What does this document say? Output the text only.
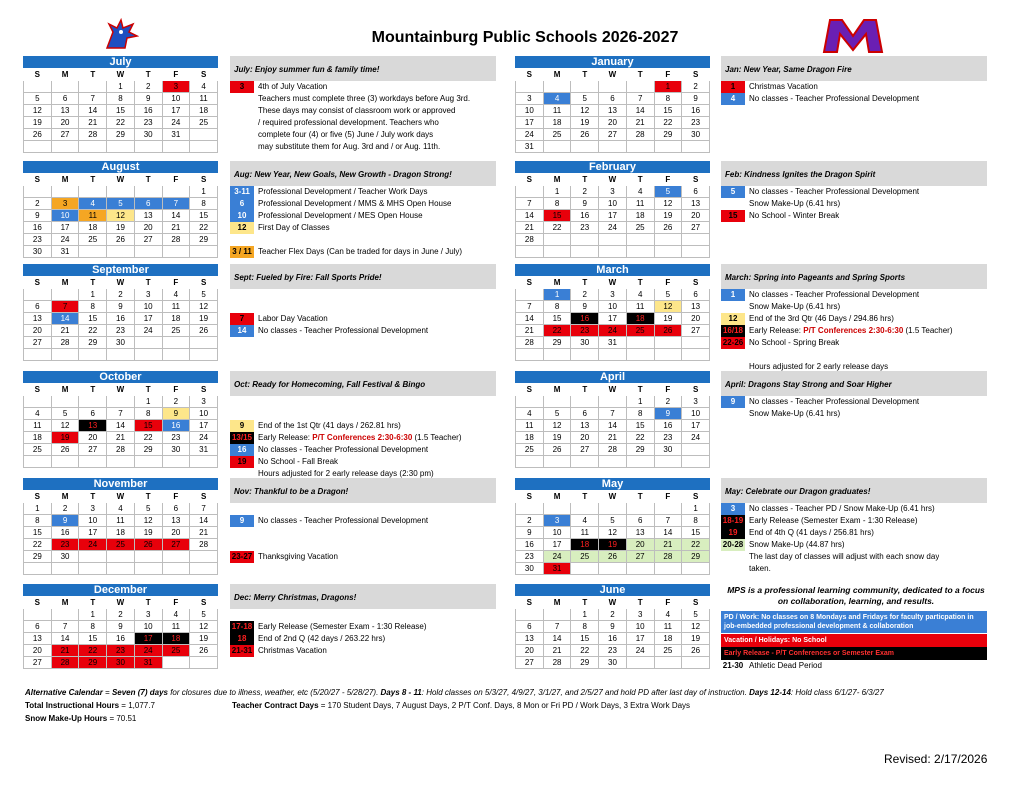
Mountainburg Public Schools 2026-2027
July
S	M	T	W	T	F	S
			1	2	3	4
5	6	7	8	9	10	11
12	13	14	15	16	17	18
19	20	21	22	23	24	25
26	27	28	29	30	31	

August
S	M	T	W	T	F	S
						1
2	3	4	5	6	7	8
9	10	11	12	13	14	15
16	17	18	19	20	21	22
23	24	25	26	27	28	29
30	31					
September
S	M	T	W	T	F	S
		1	2	3	4	5
6	7	8	9	10	11	12
13	14	15	16	17	18	19
20	21	22	23	24	25	26
27	28	29	30			

October
S	M	T	W	T	F	S
				1	2	3
4	5	6	7	8	9	10
11	12	13	14	15	16	17
18	19	20	21	22	23	24
25	26	27	28	29	30	31

November
S	M	T	W	T	F	S
1	2	3	4	5	6	7
8	9	10	11	12	13	14
15	16	17	18	19	20	21
22	23	24	25	26	27	28
29	30					

December
S	M	T	W	T	F	S
		1	2	3	4	5
6	7	8	9	10	11	12
13	14	15	16	17	18	19
20	21	22	23	24	25	26
27	28	29	30	31		
January
S	M	T	W	T	F	S
					1	2
3	4	5	6	7	8	9
10	11	12	13	14	15	16
17	18	19	20	21	22	23
24	25	26	27	28	29	30
31						
February
S	M	T	W	T	F	S
	1	2	3	4	5	6
7	8	9	10	11	12	13
14	15	16	17	18	19	20
21	22	23	24	25	26	27
28						

March
S	M	T	W	T	F	S
	1	2	3	4	5	6
7	8	9	10	11	12	13
14	15	16	17	18	19	20
21	22	23	24	25	26	27
28	29	30	31			

April
S	M	T	W	T	F	S
				1	2	3
4	5	6	7	8	9	10
11	12	13	14	15	16	17
18	19	20	21	22	23	24
25	26	27	28	29	30	

May
S	M	T	W	T	F	S
						1
2	3	4	5	6	7	8
9	10	11	12	13	14	15
16	17	18	19	20	21	22
23	24	25	26	27	28	29
30	31					
June
S	M	T	W	T	F	S
		1	2	3	4	5
6	7	8	9	10	11	12
13	14	15	16	17	18	19
20	21	22	23	24	25	26
27	28	29	30			
July: Enjoy summer fun & family time!
3	4th of July Vacation
Teachers must complete three (3) workdays before Aug 3rd.
These days may consist of classroom work or approved
/ required professional development. Teachers who
complete four (4) or five (5) June / July work days
may substitute them for Aug. 3rd and / or Aug. 11th.
Aug: New Year, New Goals, New Growth - Dragon Strong!
3-11	Professional Development / Teacher Work Days
6	Professional Development / MMS & MHS Open House
10	Professional Development / MES Open House
12	First Day of Classes
3 / 11 Teacher Flex Days (Can be traded for days in June / July)
Sept: Fueled by Fire: Fall Sports Pride!
7	Labor Day Vacation
14	No classes - Teacher Professional Development
Oct: Ready for Homecoming, Fall Festival & Bingo
9	End of the 1st Qtr (41 days / 262.81 hrs)
13/15 Early Release: P/T Conferences 2:30-6:30 (1.5 Teacher)
16	No classes - Teacher Professional Development
19	No School - Fall Break
Hours adjusted for 2 early release days (2:30 pm)
Nov: Thankful to be a Dragon!
9	No classes - Teacher Professional Development
23-27 Thanksgiving Vacation
Dec: Merry Christmas, Dragons!
17-18 Early Release (Semester Exam - 1:30 Release)
18	End of 2nd Q (42 days / 263.22 hrs)
21-31 Christmas Vacation
Jan: New Year, Same Dragon Fire
1	Christmas Vacation
4	No classes - Teacher Professional Development
Feb: Kindness Ignites the Dragon Spirit
5	No classes - Teacher Professional Development
Snow Make-Up (6.41 hrs)
15	No School - Winter Break
March: Spring into Pageants and Spring Sports
1	No classes - Teacher Professional Development
Snow Make-Up (6.41 hrs)
12	End of the 3rd Qtr (46 Days / 294.86 hrs)
16/18 Early Release: P/T Conferences 2:30-6:30 (1.5 Teacher)
22-26 No School - Spring Break
Hours adjusted for 2 early release days
April: Dragons Stay Strong and Soar Higher
9	No classes - Teacher Professional Development
Snow Make-Up (6.41 hrs)
May: Celebrate our Dragon graduates!
3	No classes - Teacher PD / Snow Make-Up (6.41 hrs)
18-19 Early Release (Semester Exam - 1:30 Release)
19	End of 4th Q (41 days / 256.81 hrs)
20-28 Snow Make-Up (44.87 hrs)
The last day of classes will adjust with each snow day
taken.
MPS is a professional learning community, dedicated to a focus on collaboration, learning, and results.
PD / Work: No classes on 8 Mondays and Fridays for faculty particpation in job-embedded professional development & collaboration
Vacation / Holidays: No School
Early Release - P/T Conferences or Semester Exam
21-30 Athletic Dead Period
Alternative Calendar = Seven (7) days for closures due to illness, weather, etc (5/20/27 - 5/28/27). Days 8 - 11: Hold classes on 5/3/27, 4/9/27, 3/1/27, and 2/5/27 and hold PD after last day of instruction. Days 12-14: Hold class 6/1/27- 6/3/27
Total Instructional Hours = 1,077.7	Teacher Contract Days = 170 Student Days, 7 August Days, 2 P/T Conf. Days, 8 Mon or Fri PD / Work Days, 3 Extra Work Days
Snow Make-Up Hours = 70.51
Revised: 2/17/2026
